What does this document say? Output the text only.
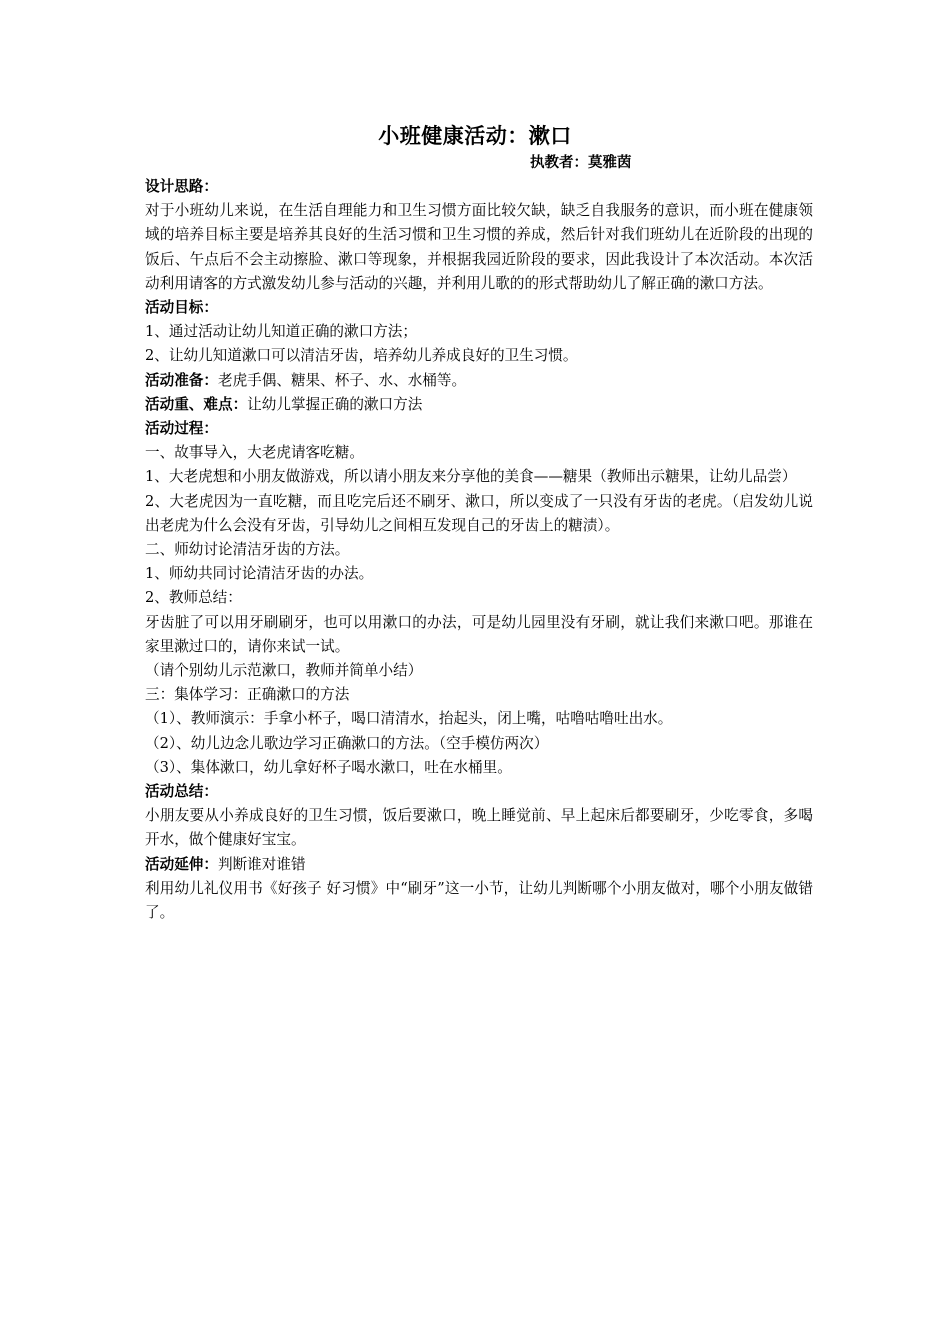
小班健康活动：漱口
执教者：莫雅茵

设计思路：

对于小班幼儿来说，在生活自理能力和卫生习惯方面比较欠缺，缺乏自我服务的意识，而小班在健康领域的培养目标主要是培养其良好的生活习惯和卫生习惯的养成，然后针对我们班幼儿在近阶段的出现的饭后、午点后不会主动擦脸、漱口等现象，并根据我园近阶段的要求，因此我设计了本次活动。本次活动利用请客的方式激发幼儿参与活动的兴趣，并利用儿歌的的形式帮助幼儿了解正确的漱口方法。

活动目标：

1、通过活动让幼儿知道正确的漱口方法；

2、让幼儿知道漱口可以清洁牙齿，培养幼儿养成良好的卫生习惯。

活动准备：老虎手偶、糖果、杯子、水、水桶等。

活动重、难点：让幼儿掌握正确的漱口方法

活动过程：

一、故事导入，大老虎请客吃糖。

1、大老虎想和小朋友做游戏，所以请小朋友来分享他的美食——糖果（教师出示糖果，让幼儿品尝）

2、大老虎因为一直吃糖，而且吃完后还不刷牙、漱口，所以变成了一只没有牙齿的老虎。（启发幼儿说出老虎为什么会没有牙齿，引导幼儿之间相互发现自己的牙齿上的糖渍）。

二、师幼讨论清洁牙齿的方法。

1、师幼共同讨论清洁牙齿的办法。

2、教师总结：

牙齿脏了可以用牙刷刷牙，也可以用漱口的办法，可是幼儿园里没有牙刷，就让我们来漱口吧。那谁在家里漱过口的，请你来试一试。

（请个别幼儿示范漱口，教师并简单小结）

三：集体学习：正确漱口的方法

（1）、教师演示：手拿小杯子，喝口清清水，抬起头，闭上嘴，咕噜咕噜吐出水。

（2）、幼儿边念儿歌边学习正确漱口的方法。（空手模仿两次）

（3）、集体漱口，幼儿拿好杯子喝水漱口，吐在水桶里。

活动总结：

小朋友要从小养成良好的卫生习惯，饭后要漱口，晚上睡觉前、早上起床后都要刷牙，少吃零食，多喝开水，做个健康好宝宝。

活动延伸：判断谁对谁错

利用幼儿礼仪用书《好孩子 好习惯》中“刷牙”这一小节，让幼儿判断哪个小朋友做对，哪个小朋友做错了。
